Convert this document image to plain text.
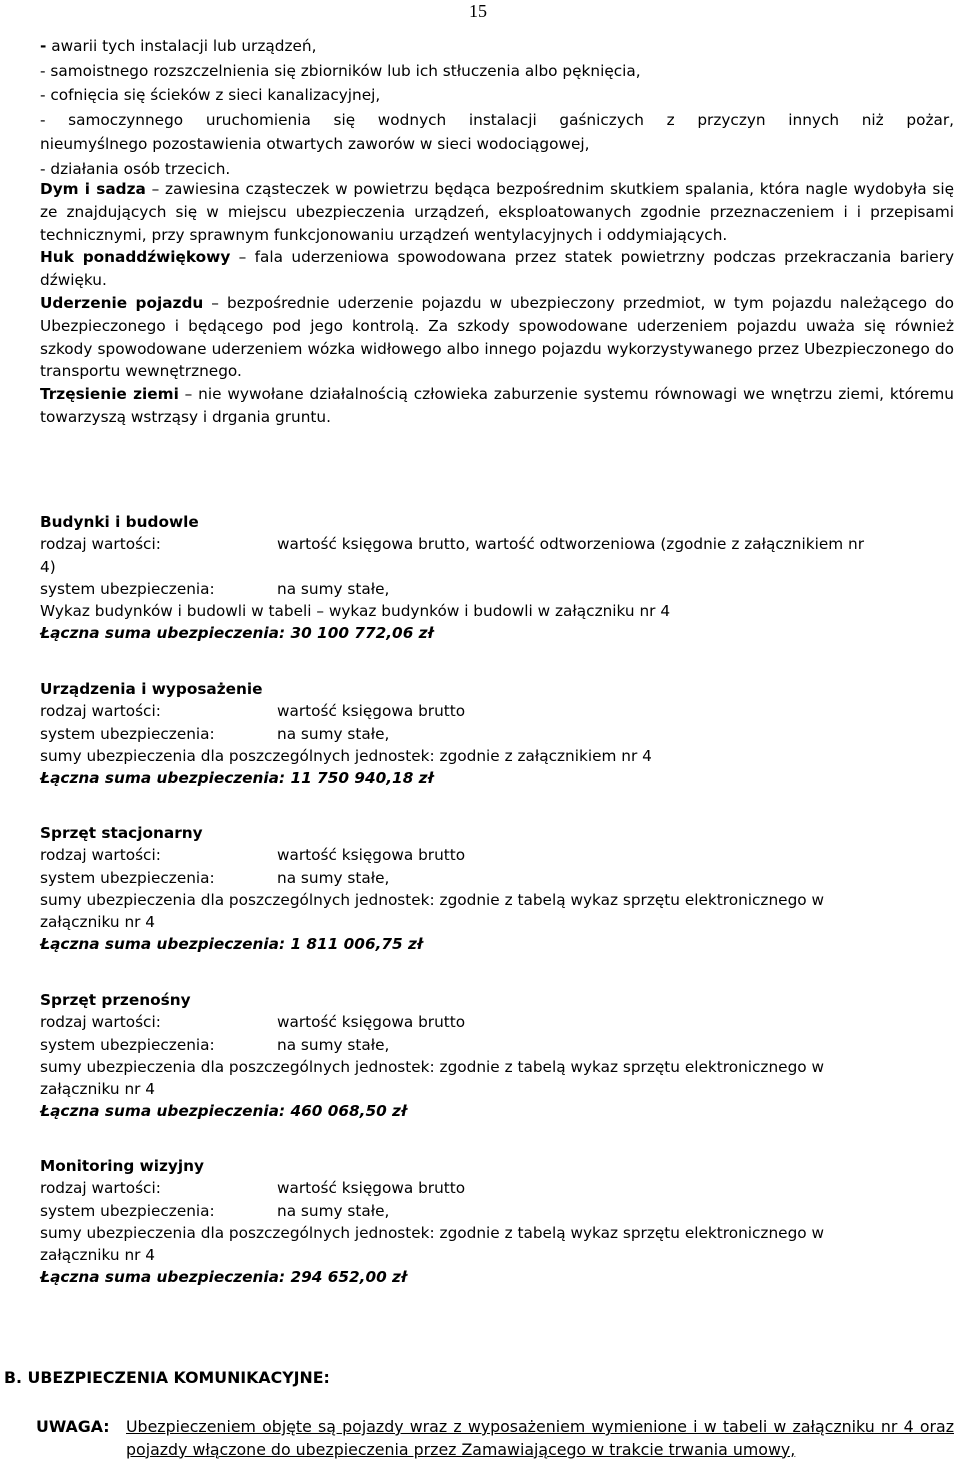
15
- awarii tych instalacji lub urządzeń,
- samoistnego rozszczelnienia się zbiorników lub ich stłuczenia albo pęknięcia,
- cofnięcia się ścieków z sieci kanalizacyjnej,
- samoczynnego uruchomienia się wodnych instalacji gaśniczych z przyczyn innych niż pożar,
nieumyślnego pozostawienia otwartych zaworów w sieci wodociągowej,
- działania osób trzecich.

Dym i sadza – zawiesina cząsteczek w powietrzu będąca bezpośrednim skutkiem spalania, która nagle wydobyła się ze znajdujących się w miejscu ubezpieczenia urządzeń, eksploatowanych zgodnie przeznaczeniem i i przepisami technicznymi, przy sprawnym funkcjonowaniu urządzeń wentylacyjnych i oddymiających.

Huk ponaddźwiękowy – fala uderzeniowa spowodowana przez statek powietrzny podczas przekraczania bariery dźwięku.

Uderzenie pojazdu – bezpośrednie uderzenie pojazdu w ubezpieczony przedmiot, w tym pojazdu należącego do Ubezpieczonego i będącego pod jego kontrolą. Za szkody spowodowane uderzeniem pojazdu uważa się również szkody spowodowane uderzeniem wózka widłowego albo innego pojazdu wykorzystywanego przez Ubezpieczonego do transportu wewnętrznego.

Trzęsienie ziemi – nie wywołane działalnością człowieka zaburzenie systemu równowagi we wnętrzu ziemi, któremu towarzyszą wstrząsy i drgania gruntu.

Budynki i budowle
rodzaj wartości:	wartość księgowa brutto, wartość odtworzeniowa (zgodnie z załącznikiem nr
4)
system ubezpieczenia:	na sumy stałe,
Wykaz budynków i budowli w tabeli – wykaz budynków i budowli w załączniku nr 4
Łączna suma ubezpieczenia: 30 100 772,06 zł
Urządzenia i wyposażenie
rodzaj wartości:	wartość księgowa brutto
system ubezpieczenia:	na sumy stałe,
sumy ubezpieczenia dla poszczególnych jednostek: zgodnie z załącznikiem nr 4
Łączna suma ubezpieczenia: 11 750 940,18 zł
Sprzęt stacjonarny
rodzaj wartości:	wartość księgowa brutto
system ubezpieczenia:	na sumy stałe,
sumy ubezpieczenia dla poszczególnych jednostek: zgodnie z tabelą wykaz sprzętu elektronicznego w
załączniku nr 4
Łączna suma ubezpieczenia: 1 811 006,75 zł
Sprzęt przenośny
rodzaj wartości:	wartość księgowa brutto
system ubezpieczenia:	na sumy stałe,
sumy ubezpieczenia dla poszczególnych jednostek: zgodnie z tabelą wykaz sprzętu elektronicznego w
załączniku nr 4
Łączna suma ubezpieczenia: 460 068,50 zł
Monitoring wizyjny
rodzaj wartości:	wartość księgowa brutto
system ubezpieczenia:	na sumy stałe,
sumy ubezpieczenia dla poszczególnych jednostek: zgodnie z tabelą wykaz sprzętu elektronicznego w
załączniku nr 4
Łączna suma ubezpieczenia: 294 652,00 zł
B. UBEZPIECZENIA KOMUNIKACYJNE:
UWAGA: Ubezpieczeniem objęte są pojazdy wraz z wyposażeniem wymienione i w tabeli w załączniku nr 4 oraz pojazdy włączone do ubezpieczenia przez Zamawiającego w trakcie trwania umowy,
